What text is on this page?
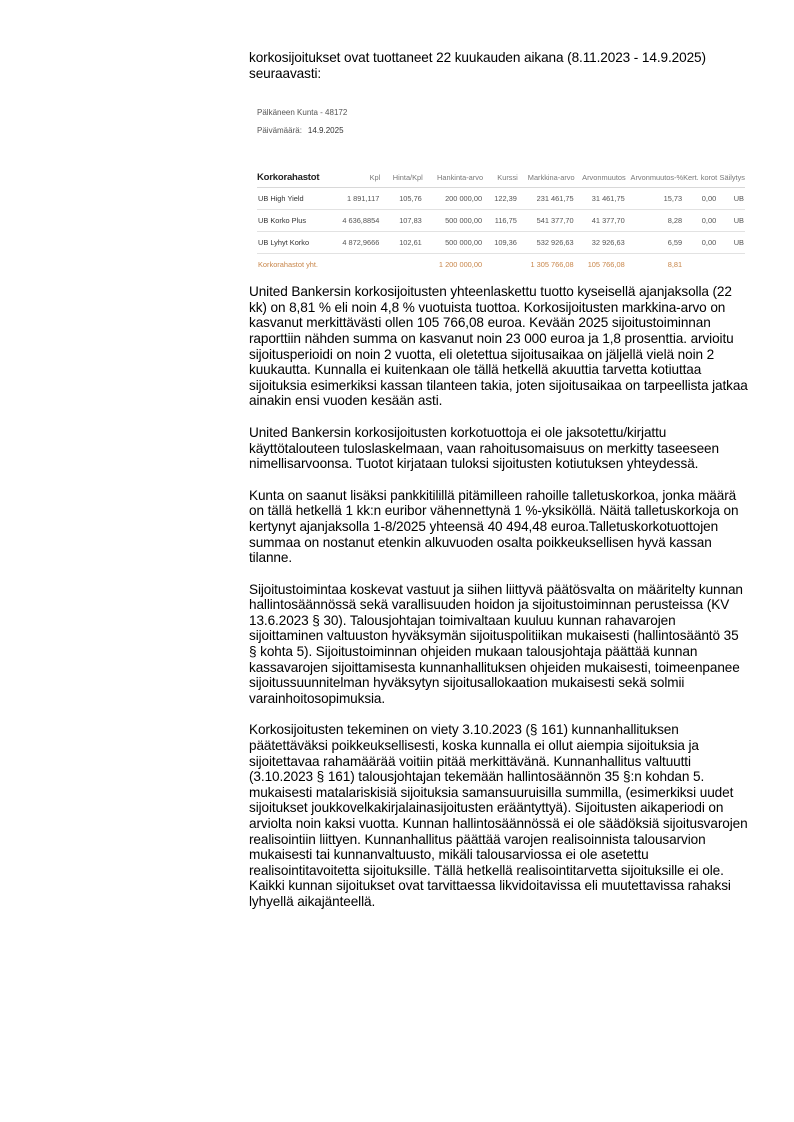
korkosijoitukset ovat tuottaneet 22 kuukauden aikana (8.11.2023 - 14.9.2025) seuraavasti:

Pälkäneen Kunta - 48172
Päivämäärä: 14.9.2025
Korkorahastot	Kpl	Hinta/Kpl	Hankinta-arvo	Kurssi	Markkina-arvo	Arvonmuutos	Arvonmuutos-%	Kert. korot	Säilytys
UB High Yield	1 891,117	105,76	200 000,00	122,39	231 461,75	31 461,75	15,73	0,00	UB
UB Korko Plus	4 636,8854	107,83	500 000,00	116,75	541 377,70	41 377,70	8,28	0,00	UB
UB Lyhyt Korko	4 872,9666	102,61	500 000,00	109,36	532 926,63	32 926,63	6,59	0,00	UB
Korkorahastot yht.			1 200 000,00		1 305 766,08	105 766,08	8,81		

United Bankersin korkosijoitusten yhteenlaskettu tuotto kyseisellä ajanjaksolla (22 kk) on 8,81 % eli noin 4,8 % vuotuista tuottoa. Korkosijoitusten markkina-arvo on kasvanut merkittävästi ollen 105 766,08 euroa. Kevään 2025 sijoitustoiminnan raporttiin nähden summa on kasvanut noin 23 000 euroa ja 1,8 prosenttia. arvioitu sijoitusperioidi on noin 2 vuotta, eli oletettua sijoitusaikaa on jäljellä vielä noin 2 kuukautta. Kunnalla ei kuitenkaan ole tällä hetkellä akuuttia tarvetta kotiuttaa sijoituksia esimerkiksi kassan tilanteen takia, joten sijoitusaikaa on tarpeellista jatkaa ainakin ensi vuoden kesään asti.

United Bankersin korkosijoitusten korkotuottoja ei ole jaksotettu/kirjattu käyttötalouteen tuloslaskelmaan, vaan rahoitusomaisuus on merkitty taseeseen nimellisarvoonsa. Tuotot kirjataan tuloksi sijoitusten kotiutuksen yhteydessä.

Kunta on saanut lisäksi pankkitilillä pitämilleen rahoille talletuskorkoa, jonka määrä on tällä hetkellä 1 kk:n euribor vähennettynä 1 %-yksiköllä. Näitä talletuskorkoja on kertynyt ajanjaksolla 1-8/2025 yhteensä 40 494,48 euroa.Talletuskorkotuottojen summaa on nostanut etenkin alkuvuoden osalta poikkeuksellisen hyvä kassan tilanne.

Sijoitustoimintaa koskevat vastuut ja siihen liittyvä päätösvalta on määritelty kunnan hallintosäännössä sekä varallisuuden hoidon ja sijoitustoiminnan perusteissa (KV 13.6.2023 § 30). Talousjohtajan toimivaltaan kuuluu kunnan rahavarojen sijoittaminen valtuuston hyväksymän sijoituspolitiikan mukaisesti (hallintosääntö 35 § kohta 5). Sijoitustoiminnan ohjeiden mukaan talousjohtaja päättää kunnan kassavarojen sijoittamisesta kunnanhallituksen ohjeiden mukaisesti, toimeenpanee sijoitussuunnitelman hyväksytyn sijoitusallokaation mukaisesti sekä solmii varainhoitosopimuksia.

Korkosijoitusten tekeminen on viety 3.10.2023 (§ 161) kunnanhallituksen päätettäväksi poikkeuksellisesti, koska kunnalla ei ollut aiempia sijoituksia ja sijoitettavaa rahamäärää voitiin pitää merkittävänä. Kunnanhallitus valtuutti (3.10.2023 § 161) talousjohtajan tekemään hallintosäännön 35 §:n kohdan 5. mukaisesti matalariskisiä sijoituksia samansuuruisilla summilla, (esimerkiksi uudet sijoitukset joukkovelkakirjalainasijoitusten erääntyttyä). Sijoitusten aikaperiodi on arviolta noin kaksi vuotta. Kunnan hallintosäännössä ei ole säädöksiä sijoitusvarojen realisointiin liittyen. Kunnanhallitus päättää varojen realisoinnista talousarvion mukaisesti tai kunnanvaltuusto, mikäli talousarviossa ei ole asetettu realisointitavoitetta sijoituksille. Tällä hetkellä realisointitarvetta sijoituksille ei ole. Kaikki kunnan sijoitukset ovat tarvittaessa likvidoitavissa eli muutettavissa rahaksi lyhyellä aikajänteellä.
